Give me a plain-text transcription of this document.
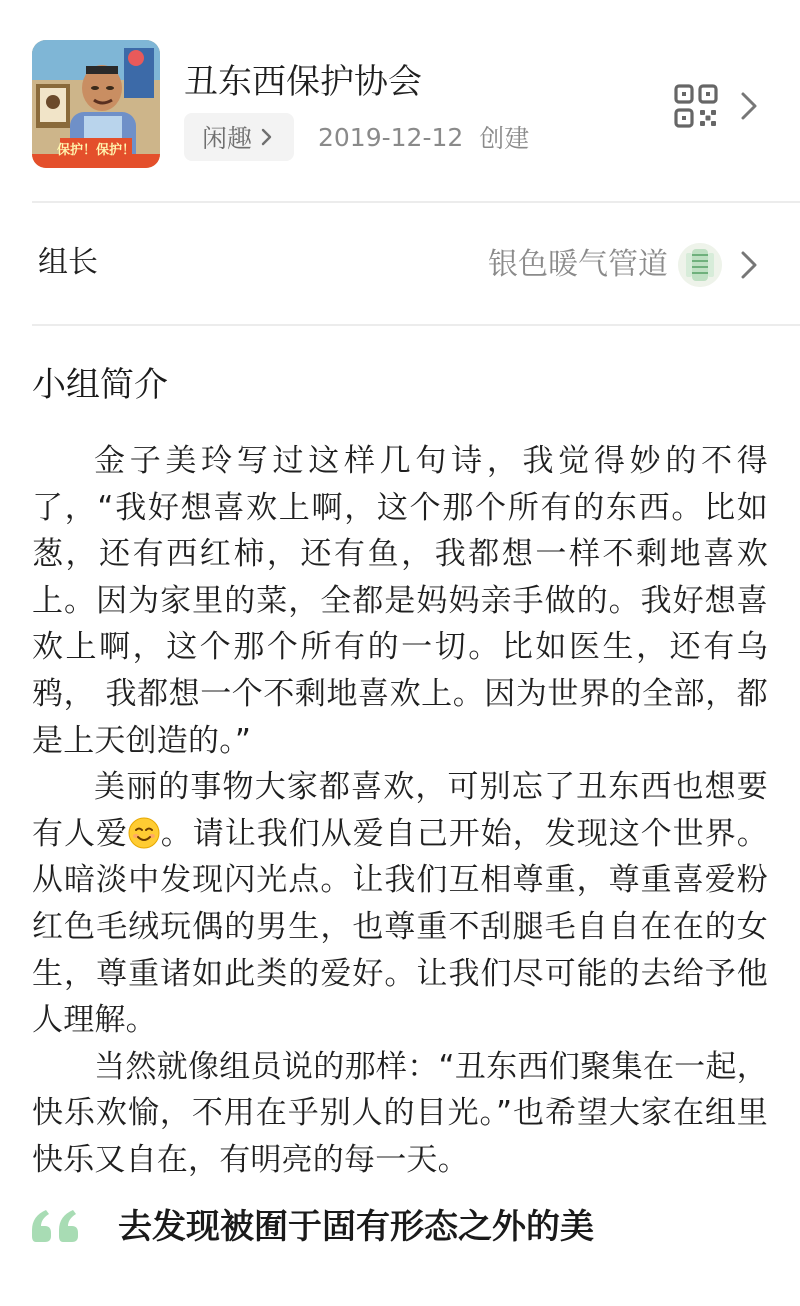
保护！保护！
丑东西保护协会
闲趣	2019-12-12 创建
组长	银色暖气管道
小组简介

金子美玲写过这样几句诗，我觉得妙的不得了，“我好想喜欢上啊，这个那个所有的东西。比如葱，还有西红柿，还有鱼，我都想一样不剩地喜欢上。因为家里的菜，全都是妈妈亲手做的。我好想喜欢上啊，这个那个所有的一切。比如医生，还有乌鸦， 我都想一个不剩地喜欢上。因为世界的全部，都是上天创造的。”

美丽的事物大家都喜欢，可别忘了丑东西也想要有人爱 。请让我们从爱自己开始，发现这个世界。从暗淡中发现闪光点。让我们互相尊重，尊重喜爱粉红色毛绒玩偶的男生，也尊重不刮腿毛自自在在的女生，尊重诸如此类的爱好。让我们尽可能的去给予他人理解。

当然就像组员说的那样：“丑东西们聚集在一起，快乐欢愉，不用在乎别人的目光。”也希望大家在组里快乐又自在，有明亮的每一天。

去发现被囿于固有形态之外的美
